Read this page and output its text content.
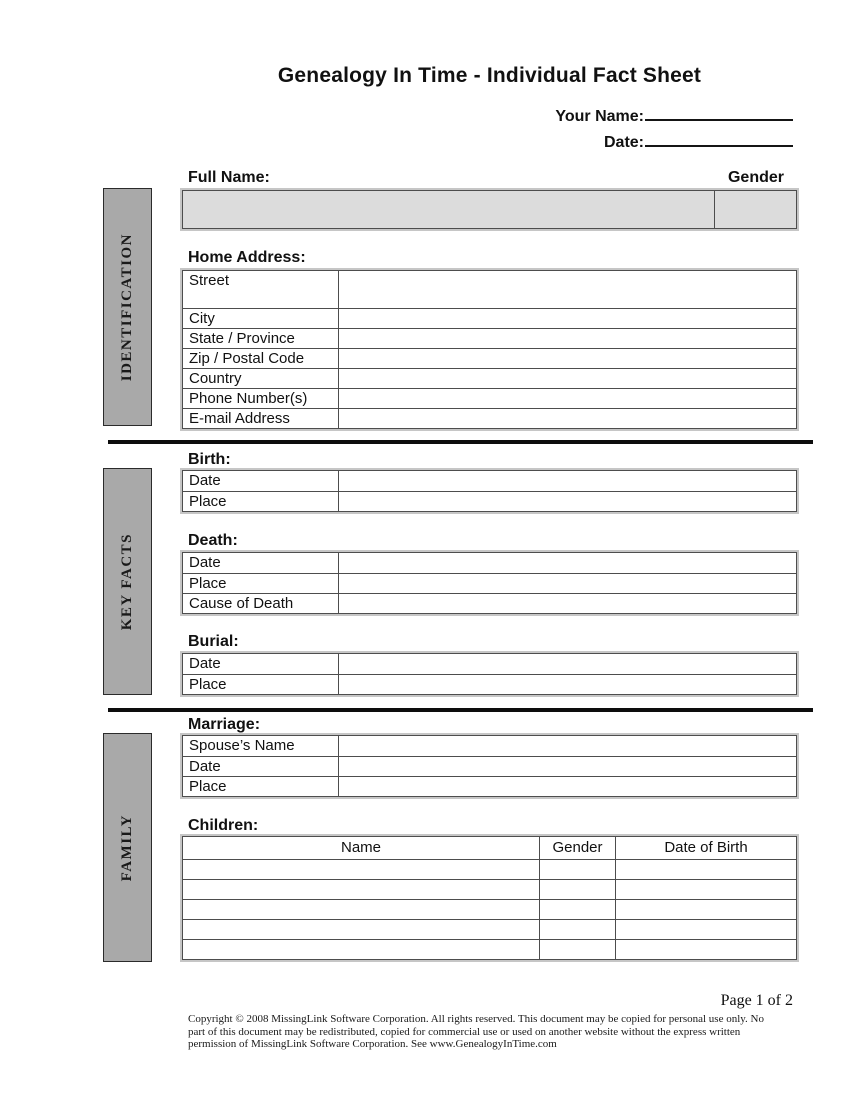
Genealogy In Time - Individual Fact Sheet
Your Name:
Date:
IDENTIFICATION
KEY FACTS
FAMILY
Full Name:	Gender
Home Address:
Street
City
State / Province
Zip / Postal Code
Country
Phone Number(s)
E-mail Address
Birth:
Date
Place
Death:
Date
Place
Cause of Death
Burial:
Date
Place
Marriage:
Spouse’s Name
Date
Place
Children:
Name	Gender	Date of Birth
Page 1 of 2
Copyright © 2008 MissingLink Software Corporation. All rights reserved. This document may be copied for personal use only. No
part of this document may be redistributed, copied for commercial use or used on another website without the express written
permission of MissingLink Software Corporation. See www.GenealogyInTime.com
